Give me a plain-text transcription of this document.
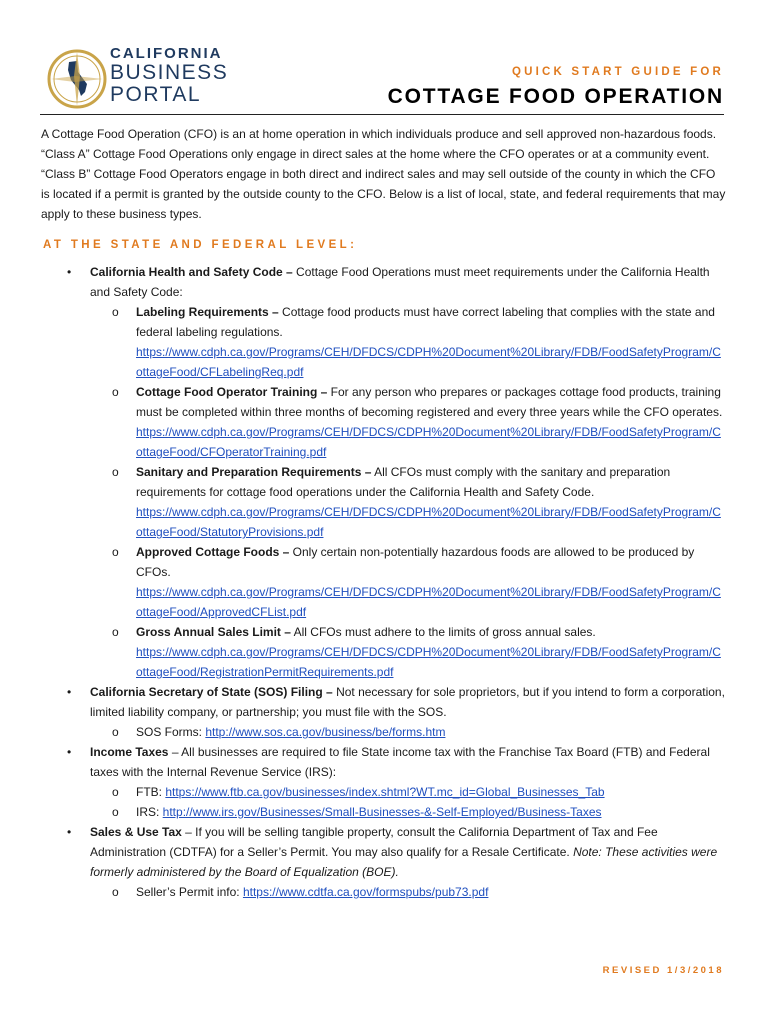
CALIFORNIA
BUSINESS
PORTAL
QUICK START GUIDE FOR
COTTAGE FOOD OPERATION

A Cottage Food Operation (CFO) is an at home operation in which individuals produce and sell approved non-hazardous foods. “Class A” Cottage Food Operations only engage in direct sales at the home where the CFO operates or at a community event. “Class B” Cottage Food Operators engage in both direct and indirect sales and may sell outside of the county in which the CFO is located if a permit is granted by the outside county to the CFO. Below is a list of local, state, and federal requirements that may apply to these business types.

AT THE STATE AND FEDERAL LEVEL:
• California Health and Safety Code – Cottage Food Operations must meet requirements under the California Health and Safety Code:
o Labeling Requirements – Cottage food products must have correct labeling that complies with the state and federal labeling regulations.
https://www.cdph.ca.gov/Programs/CEH/DFDCS/CDPH%20Document%20Library/FDB/FoodSafetyProgram/CottageFood/CFLabelingReq.pdf
o Cottage Food Operator Training – For any person who prepares or packages cottage food products, training must be completed within three months of becoming registered and every three years while the CFO operates.
https://www.cdph.ca.gov/Programs/CEH/DFDCS/CDPH%20Document%20Library/FDB/FoodSafetyProgram/CottageFood/CFOperatorTraining.pdf
o Sanitary and Preparation Requirements – All CFOs must comply with the sanitary and preparation requirements for cottage food operations under the California Health and Safety Code.
https://www.cdph.ca.gov/Programs/CEH/DFDCS/CDPH%20Document%20Library/FDB/FoodSafetyProgram/CottageFood/StatutoryProvisions.pdf
o Approved Cottage Foods – Only certain non-potentially hazardous foods are allowed to be produced by CFOs.
https://www.cdph.ca.gov/Programs/CEH/DFDCS/CDPH%20Document%20Library/FDB/FoodSafetyProgram/CottageFood/ApprovedCFList.pdf
o Gross Annual Sales Limit – All CFOs must adhere to the limits of gross annual sales.
https://www.cdph.ca.gov/Programs/CEH/DFDCS/CDPH%20Document%20Library/FDB/FoodSafetyProgram/CottageFood/RegistrationPermitRequirements.pdf
• California Secretary of State (SOS) Filing – Not necessary for sole proprietors, but if you intend to form a corporation, limited liability company, or partnership; you must file with the SOS.
o SOS Forms: http://www.sos.ca.gov/business/be/forms.htm
• Income Taxes – All businesses are required to file State income tax with the Franchise Tax Board (FTB) and Federal taxes with the Internal Revenue Service (IRS):
o FTB: https://www.ftb.ca.gov/businesses/index.shtml?WT.mc_id=Global_Businesses_Tab
o IRS: http://www.irs.gov/Businesses/Small-Businesses-&-Self-Employed/Business-Taxes
• Sales & Use Tax – If you will be selling tangible property, consult the California Department of Tax and Fee Administration (CDTFA) for a Seller’s Permit. You may also qualify for a Resale Certificate. Note: These activities were formerly administered by the Board of Equalization (BOE).
o Seller’s Permit info: https://www.cdtfa.ca.gov/formspubs/pub73.pdf
REVISED 1/3/2018
